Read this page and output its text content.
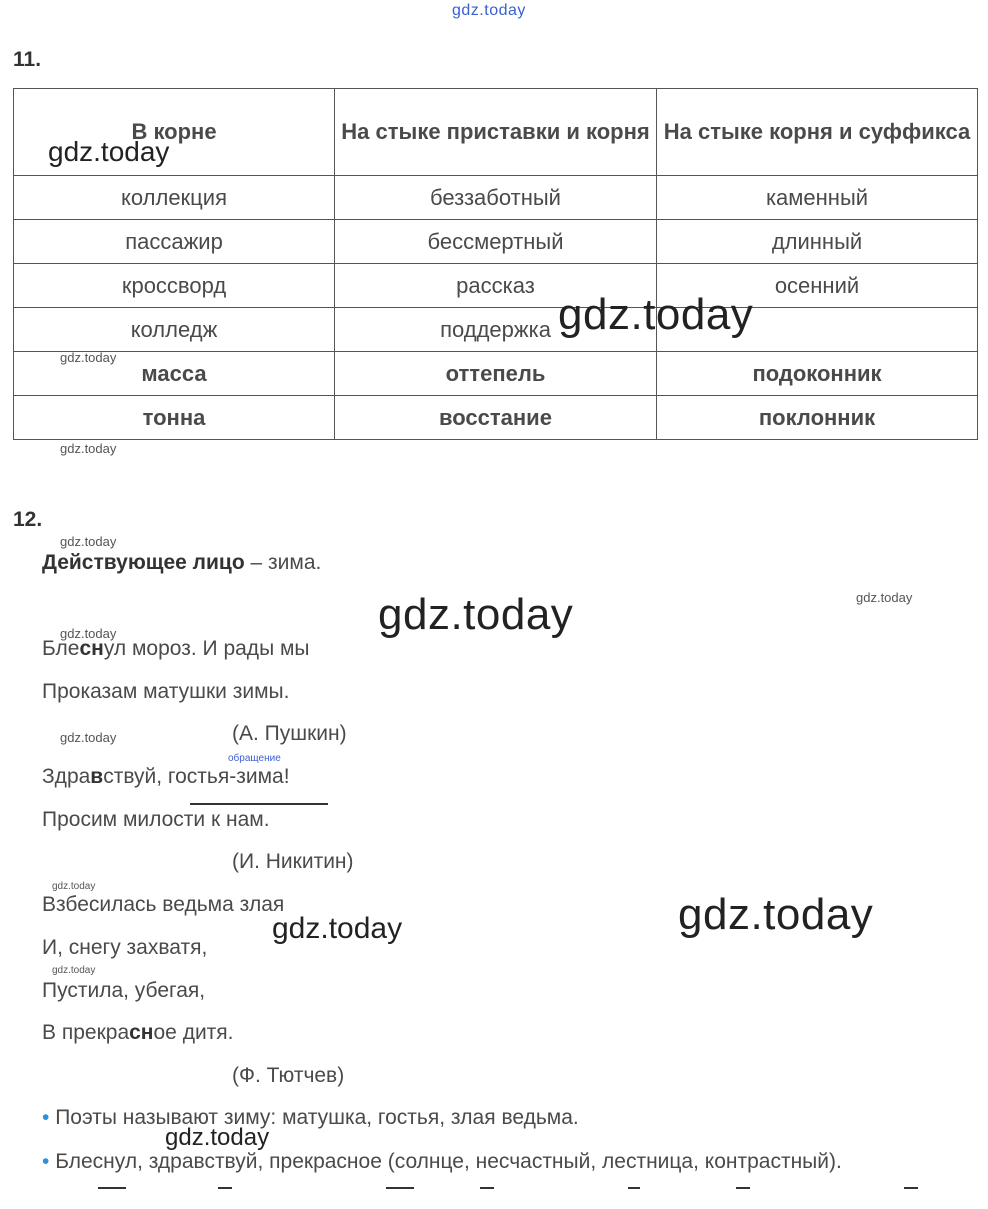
gdz.today
11.
В корне	На стыке приставки и корня	На стыке корня и суффикса
коллекция	беззаботный	каменный
пассажир	бессмертный	длинный
кроссворд	рассказ	осенний
колледж	поддержка	
масса	оттепель	подоконник
тонна	восстание	поклонник
gdz.today
gdz.today
gdz.today
gdz.today
12.
gdz.today
Действующее лицо – зима.
gdz.today	gdz.today
gdz.today
Блеснул мороз. И рады мы
Проказам матушки зимы.
gdz.today	(А. Пушкин)
обращение
Здравствуй, гостья-зима!
Просим милости к нам.
(И. Никитин)
gdz.today
Взбесилась ведьма злая	gdz.today
gdz.today
И, снегу захватя,
gdz.today
Пустила, убегая,
В прекрасное дитя.
(Ф. Тютчев)
• Поэты называют зиму: матушка, гостья, злая ведьма.
gdz.today
• Блеснул, здравствуй, прекрасное (солнце, несчастный, лестница, контрастный).
